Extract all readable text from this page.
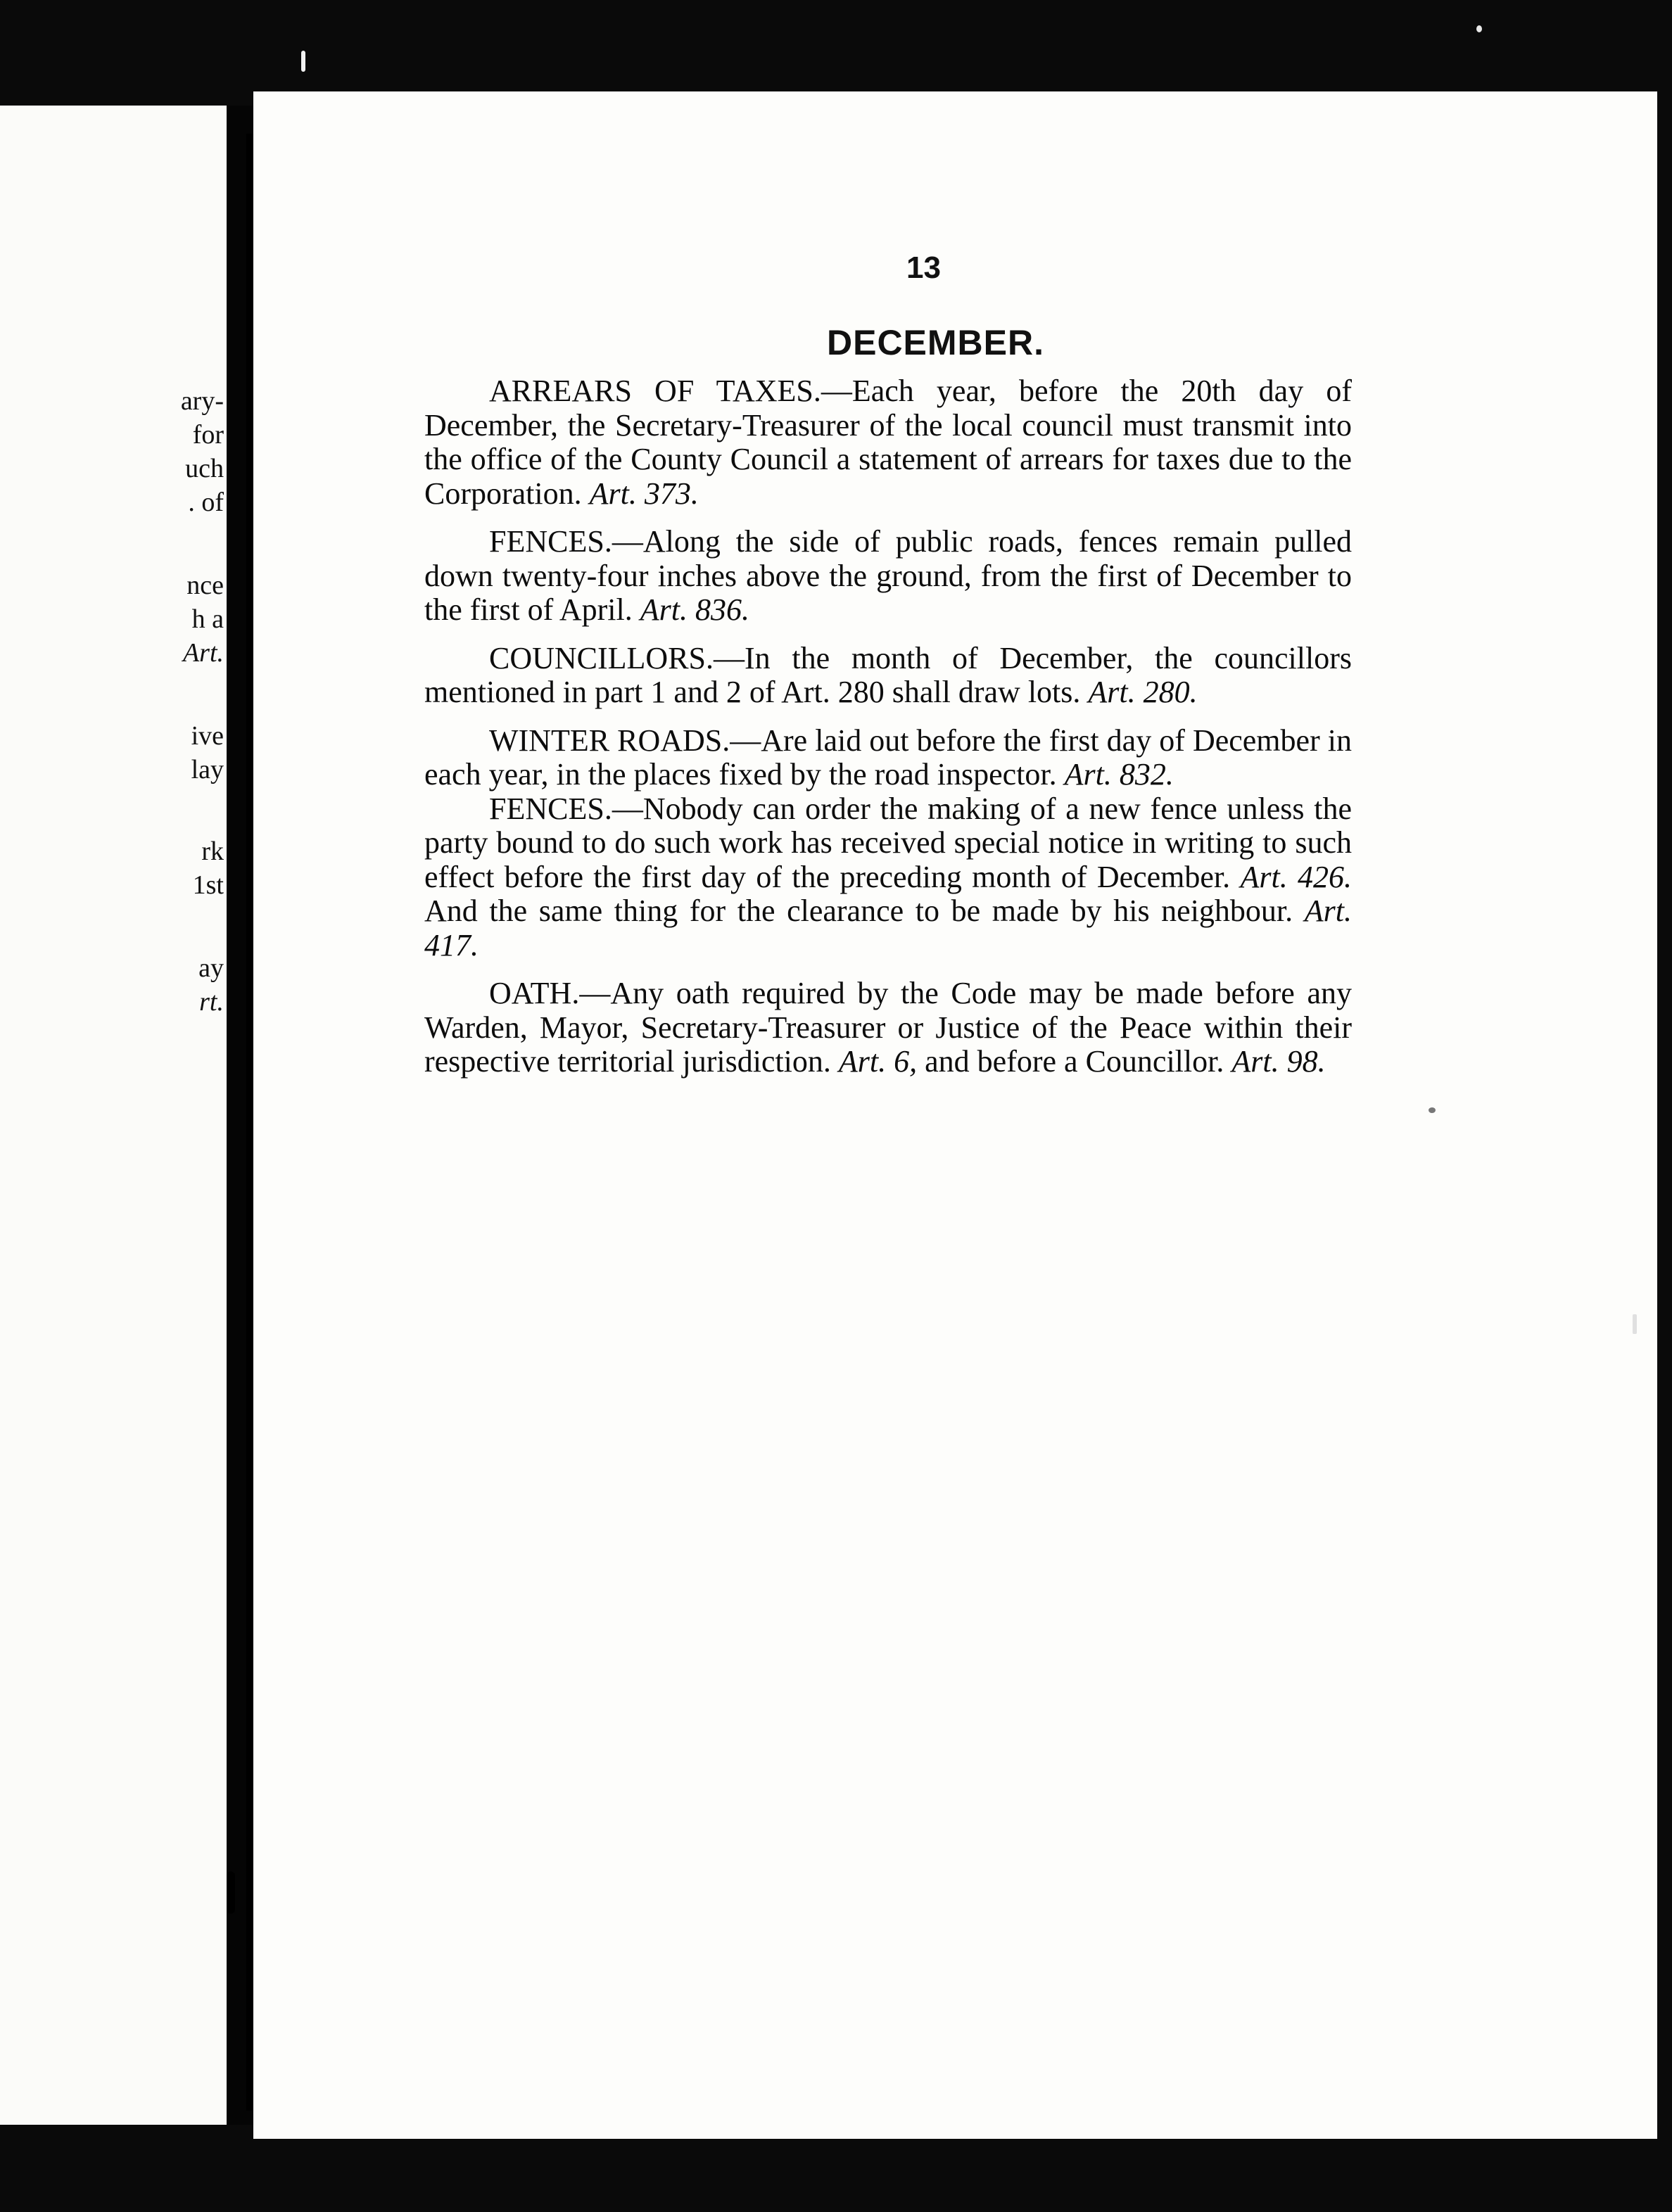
ary-
for
uch
. of
nce
h a
Art.
ive
lay
rk
1st
ay
rt.
13
DECEMBER.

ARREARS OF TAXES.—Each year, before the 20th day of December, the Secretary-Treasurer of the local council must transmit into the office of the County Council a statement of arrears for taxes due to the Corporation. Art. 373.

FENCES.—Along the side of public roads, fences remain pulled down twenty-four inches above the ground, from the first of December to the first of April. Art. 836.

COUNCILLORS.—In the month of December, the councillors mentioned in part 1 and 2 of Art. 280 shall draw lots. Art. 280.

WINTER ROADS.—Are laid out before the first day of December in each year, in the places fixed by the road inspector. Art. 832.

FENCES.—Nobody can order the making of a new fence unless the party bound to do such work has received special notice in writing to such effect before the first day of the preceding month of December. Art. 426. And the same thing for the clearance to be made by his neighbour. Art. 417.

OATH.—Any oath required by the Code may be made before any Warden, Mayor, Secretary-Treasurer or Justice of the Peace within their respective territorial jurisdiction. Art. 6, and before a Councillor. Art. 98.
